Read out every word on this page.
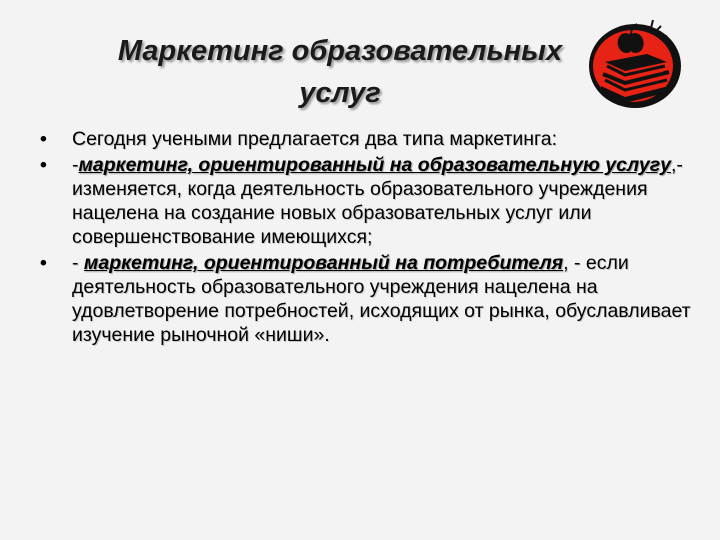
Маркетинг образовательных
услуг
•	Сегодня учеными предлагается два типа маркетинга:
•	-маркетинг, ориентированный на образовательную услугу,- изменяется, когда деятельность образовательного учреждения нацелена на создание новых образовательных услуг или совершенствование имеющихся;
•	- маркетинг, ориентированный на потребителя, - если деятельность образовательного учреждения нацелена на удовлетворение потребностей, исходящих от рынка, обуславливает изучение рыночной «ниши».
